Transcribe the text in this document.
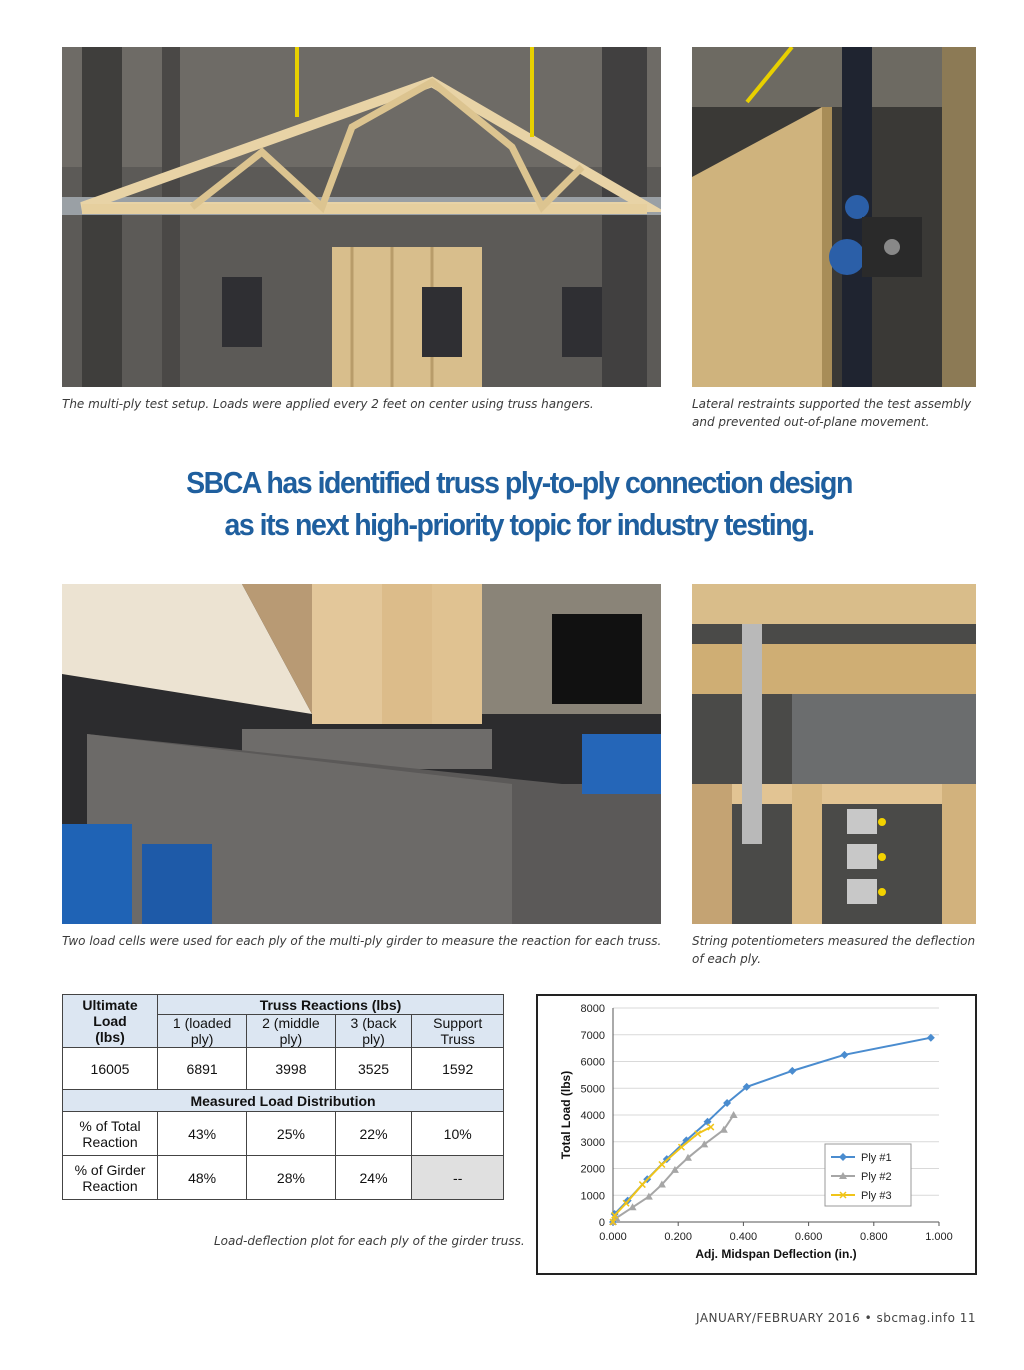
The multi-ply test setup. Loads were applied every 2 feet on center using truss hangers.	Lateral restraints supported the test assembly
and prevented out-of-plane movement.
SBCA has identified truss ply-to-ply connection design
as its next high-priority topic for industry testing.
Two load cells were used for each ply of the multi-ply girder to measure the reaction for each truss.	String potentiometers measured the deflection
of each ply.
Ultimate Load
(lbs)	Truss Reactions (lbs)			
	1 (loaded ply)	2 (middle ply)	3 (back ply)	Support Truss
16005	6891	3998	3525	1592
Measured Load Distribution				

% of Total
Reaction	43%	25%	22%	10%

% of Girder
Reaction	48%	28%	24%	--
Load-deflection plot for each ply of the girder truss.
0
1000
2000
3000
4000
5000
6000
7000
8000
0.000	0.200	0.400	0.600	0.800	1.000
Adj. Midspan Deflection (in.)
Total Load (lbs)	Ply #1
Ply #2
Ply #3
JANUARY/FEBRUARY 2016 • sbcmag.info 11
